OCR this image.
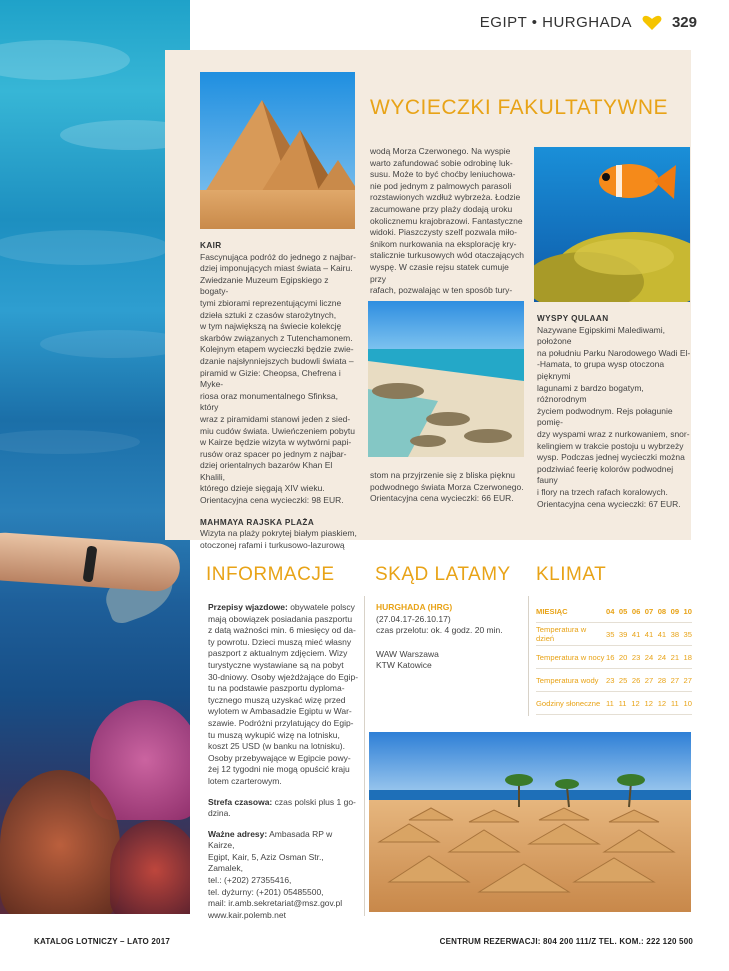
EGIPT • HURGHADA	329
WYCIECZKI FAKULTATYWNE
KAIR
Fascynująca podróż do jednego z najbar-
dziej imponujących miast świata – Kairu.
Zwiedzanie Muzeum Egipskiego z bogaty-
tymi zbiorami reprezentującymi liczne
dzieła sztuki z czasów starożytnych,
w tym największą na świecie kolekcję
skarbów związanych z Tutenchamonem.
Kolejnym etapem wycieczki będzie zwie-
dzanie najsłynniejszych budowli świata –
piramid w Gizie: Cheopsa, Chefrena i Myke-
riosa oraz monumentalnego Sfinksa, który
wraz z piramidami stanowi jeden z sied-
miu cudów świata. Uwieńczeniem pobytu
w Kairze będzie wizyta w wytwórni papi-
rusów oraz spacer po jednym z najbar-
dziej orientalnych bazarów Khan El Khalili,
którego dzieje sięgają XIV wieku.
Orientacyjna cena wycieczki: 98 EUR.
MAHMAYA RAJSKA PLAŻA
Wizyta na plaży pokrytej białym piaskiem,
otoczonej rafami i turkusowo-lazurową
wodą Morza Czerwonego. Na wyspie
warto zafundować sobie odrobinę luk-
susu. Może to być choćby leniuchowa-
nie pod jednym z palmowych parasoli
rozstawionych wzdłuż wybrzeża. Łodzie
zacumowane przy plaży dodają uroku
okolicznemu krajobrazowi. Fantastyczne
widoki. Piaszczysty szelf pozwala miło-
śnikom nurkowania na eksplorację kry-
stalicznie turkusowych wód otaczających
wyspę. W czasie rejsu statek cumuje przy
rafach, pozwalając w ten sposób tury-
stom na przyjrzenie się z bliska pięknu
podwodnego świata Morza Czerwonego.
Orientacyjna cena wycieczki: 66 EUR.
WYSPY QULAAN
Nazywane Egipskimi Malediwami, położone
na południu Parku Narodowego Wadi El-
-Hamata, to grupa wysp otoczona pięknymi
lagunami z bardzo bogatym, różnorodnym
życiem podwodnym. Rejs połagunie pomię-
dzy wyspami wraz z nurkowaniem, snor-
kelingiem w trakcie postoju u wybrzeży
wysp. Podczas jednej wycieczki można
podziwiać feerię kolorów podwodnej fauny
i flory na trzech rafach koralowych.
Orientacyjna cena wycieczki: 67 EUR.
INFORMACJE SKĄD LATAMY KLIMAT
Przepisy wjazdowe: obywatele polscy
mają obowiązek posiadania paszportu
z datą ważności min. 6 miesięcy od da-
ty powrotu. Dzieci muszą mieć własny
paszport z aktualnym zdjęciem. Wizy
turystyczne wystawiane są na pobyt
30-dniowy. Osoby wjeżdżające do Egip-
tu na podstawie paszportu dyploma-
tycznego muszą uzyskać wizę przed
wylotem w Ambasadzie Egiptu w War-
szawie. Podróżni przylatujący do Egip-
tu muszą wykupić wizę na lotnisku,
koszt 25 USD (w banku na lotnisku).
Osoby przebywające w Egipcie powy-
żej 12 tygodni nie mogą opuścić kraju
lotem czarterowym.
Strefa czasowa: czas polski plus 1 go-
dzina.
Ważne adresy: Ambasada RP w Kairze,
Egipt, Kair, 5, Aziz Osman Str., Zamalek,
tel.: (+202) 27355416,
tel. dyżurny: (+201) 05485500,
mail: ir.amb.sekretariat@msz.gov.pl
www.kair.polemb.net
HURGHADA (HRG)
(27.04.17-26.10.17)
czas przelotu: ok. 4 godz. 20 min.
WAW Warszawa
KTW Katowice
MIESIĄC	04 05 06 07 08 09 10
Temperatura w dzień	35 39 41 41 41 38 35
Temperatura w nocy 16 20 23 24 24 21 18
Temperatura wody 23 25 26 27 28 27 27
Godziny słoneczne 11 11 12 12 12 11 10
KATALOG LOTNICZY – LATO 2017	CENTRUM REZERWACJI: 804 200 111/Z TEL. KOM.: 222 120 500
